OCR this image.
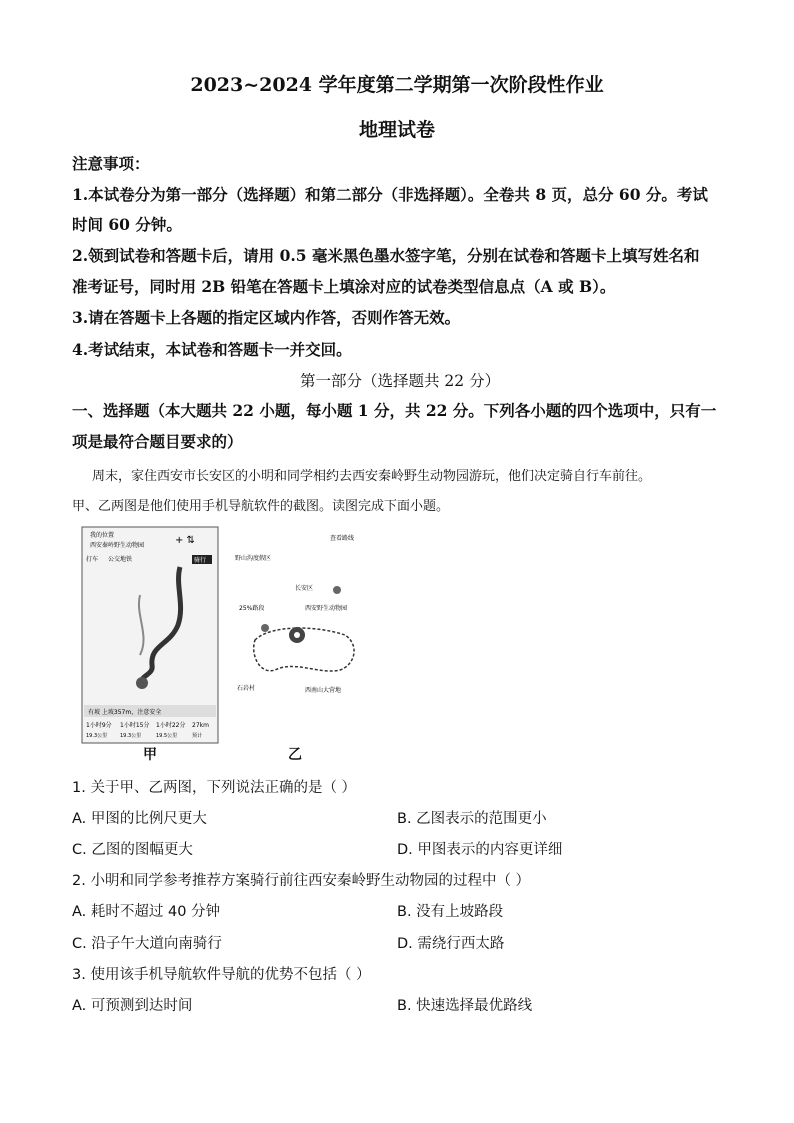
2023~2024 学年度第二学期第一次阶段性作业
地理试卷
注意事项：
1.本试卷分为第一部分（选择题）和第二部分（非选择题）。全卷共 8 页，总分 60 分。考试
时间 60 分钟。
2.领到试卷和答题卡后，请用 0.5 毫米黑色墨水签字笔，分别在试卷和答题卡上填写姓名和
准考证号，同时用 2B 铅笔在答题卡上填涂对应的试卷类型信息点（A 或 B）。
3.请在答题卡上各题的指定区域内作答，否则作答无效。
4.考试结束，本试卷和答题卡一并交回。
第一部分（选择题共 22 分）
一、选择题（本大题共 22 小题，每小题 1 分，共 22 分。下列各小题的四个选项中，只有一
项是最符合题目要求的）
周末，家住西安市长安区的小明和同学相约去西安秦岭野生动物园游玩，他们决定骑自行车前往。
甲、乙两图是他们使用手机导航软件的截图。读图完成下面小题。
我的位置
西安秦岭野生动物园	+ ⇅
打车 公交地铁	骑行
有坡 上坡357m，注意安全
1小时9分 1小时15分 1小时22分 27km
19.3公里	19.3公里	19.5公里	预计
甲
查看路线
野山沟度假区
长安区
西安野生动物园
25%路段
石岩村	西南山大营地
乙
1. 关于甲、乙两图，下列说法正确的是（ ）
A. 甲图的比例尺更大	B. 乙图表示的范围更小
C. 乙图的图幅更大	D. 甲图表示的内容更详细
2. 小明和同学参考推荐方案骑行前往西安秦岭野生动物园的过程中（ ）
A. 耗时不超过 40 分钟	B. 没有上坡路段
C. 沿子午大道向南骑行	D. 需绕行西太路
3. 使用该手机导航软件导航的优势不包括（ ）
A. 可预测到达时间	B. 快速选择最优路线
